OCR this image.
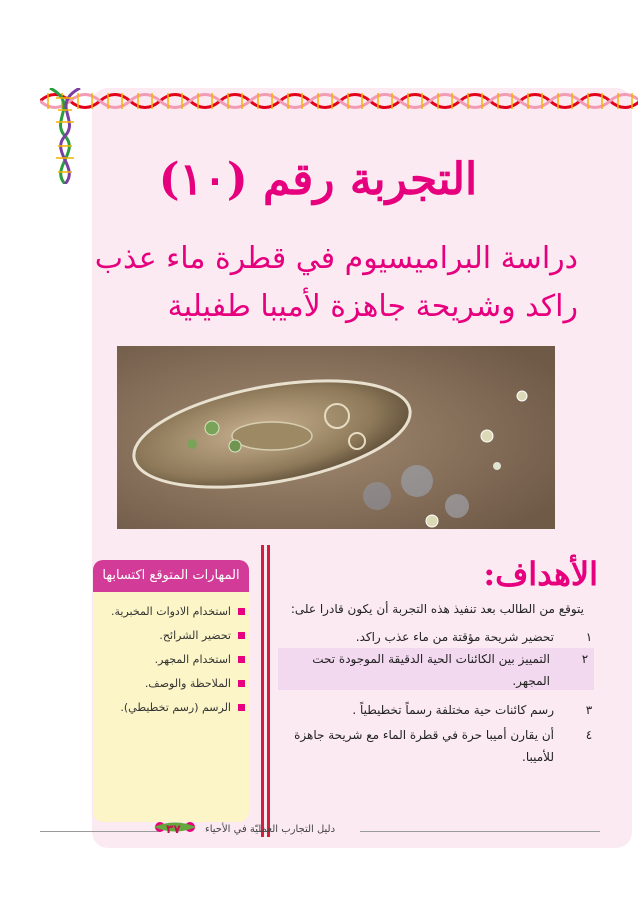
التجربة رقم (١٠)

دراسة البراميسيوم في قطرة ماء عذب

راكد وشريحة جاهزة لأميبا طفيلية

المهارات المتوقع اكتسابها
استخدام الادوات المخبرية.
تحضير الشرائح.
استخدام المجهر.
الملاحظة والوصف.
الرسم (رسم تخطيطي).
الأهداف:
يتوقع من الطالب بعد تنفيذ هذه التجربة أن يكون قادرا على:
١
تحضير شريحة مؤقتة من ماء عذب راكد.
٢
التمييز بين الكائنات الحية الدقيقة الموجودة تحت المجهر.
٣
رسم كائنات حية مختلفة رسماً تخطيطياً .
٤
أن يقارن أميبا حرة في قطرة الماء مع شريحة جاهزة للأميبا.
٣٧ دليل التجارب العمليّة في الأحياء
